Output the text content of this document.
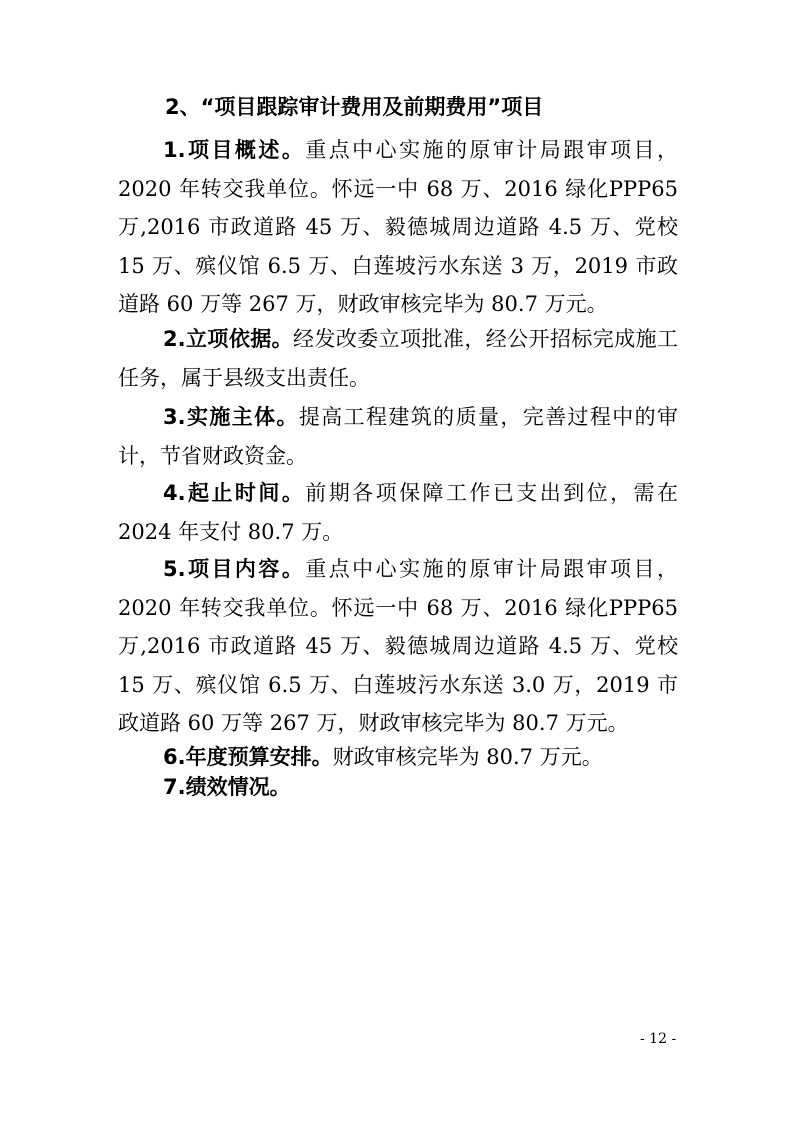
2、“项目跟踪审计费用及前期费用”项目

1.项目概述。重点中心实施的原审计局跟审项目，2020 年转交我单位。怀远一中 68 万、2016 绿化PPP65 万,2016 市政道路 45 万、毅德城周边道路 4.5 万、党校 15 万、殡仪馆 6.5 万、白莲坡污水东送 3 万，2019 市政道路 60 万等 267 万，财政审核完毕为 80.7 万元。

2.立项依据。经发改委立项批准，经公开招标完成施工任务，属于县级支出责任。

3.实施主体。提高工程建筑的质量，完善过程中的审计，节省财政资金。

4.起止时间。前期各项保障工作已支出到位，需在 2024 年支付 80.7 万。

5.项目内容。重点中心实施的原审计局跟审项目，2020 年转交我单位。怀远一中 68 万、2016 绿化PPP65 万,2016 市政道路 45 万、毅德城周边道路 4.5 万、党校 15 万、殡仪馆 6.5 万、白莲坡污水东送 3.0 万，2019 市政道路 60 万等 267 万，财政审核完毕为 80.7 万元。

6.年度预算安排。财政审核完毕为 80.7 万元。

7.绩效情况。

- 12 -
